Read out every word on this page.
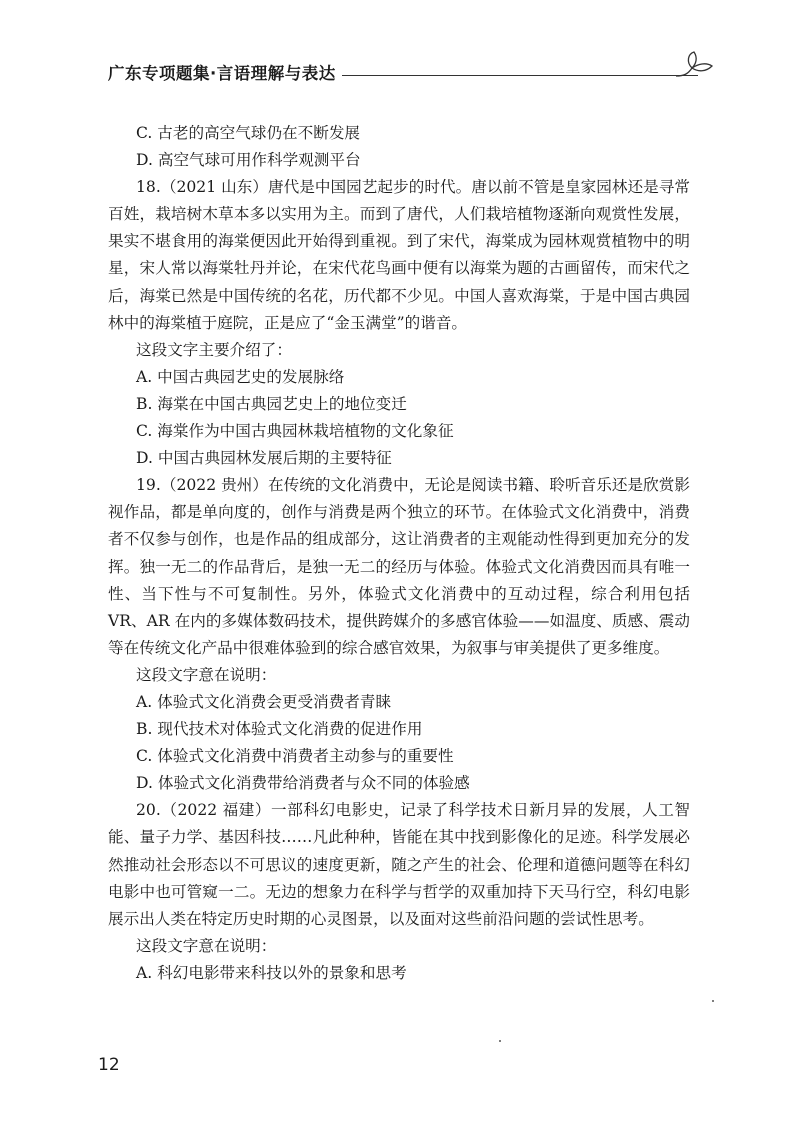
广东专项题集·言语理解与表达
C. 古老的高空气球仍在不断发展
D. 高空气球可用作科学观测平台

18.（2021 山东）唐代是中国园艺起步的时代。唐以前不管是皇家园林还是寻常百姓，栽培树木草本多以实用为主。而到了唐代，人们栽培植物逐渐向观赏性发展，果实不堪食用的海棠便因此开始得到重视。到了宋代，海棠成为园林观赏植物中的明星，宋人常以海棠牡丹并论，在宋代花鸟画中便有以海棠为题的古画留传，而宋代之后，海棠已然是中国传统的名花，历代都不少见。中国人喜欢海棠，于是中国古典园林中的海棠植于庭院，正是应了“金玉满堂”的谐音。

这段文字主要介绍了：
A. 中国古典园艺史的发展脉络
B. 海棠在中国古典园艺史上的地位变迁
C. 海棠作为中国古典园林栽培植物的文化象征
D. 中国古典园林发展后期的主要特征

19.（2022 贵州）在传统的文化消费中，无论是阅读书籍、聆听音乐还是欣赏影视作品，都是单向度的，创作与消费是两个独立的环节。在体验式文化消费中，消费者不仅参与创作，也是作品的组成部分，这让消费者的主观能动性得到更加充分的发挥。独一无二的作品背后，是独一无二的经历与体验。体验式文化消费因而具有唯一性、当下性与不可复制性。另外，体验式文化消费中的互动过程，综合利用包括 VR、AR 在内的多媒体数码技术，提供跨媒介的多感官体验——如温度、质感、震动等在传统文化产品中很难体验到的综合感官效果，为叙事与审美提供了更多维度。

这段文字意在说明：
A. 体验式文化消费会更受消费者青睐
B. 现代技术对体验式文化消费的促进作用
C. 体验式文化消费中消费者主动参与的重要性
D. 体验式文化消费带给消费者与众不同的体验感

20.（2022 福建）一部科幻电影史，记录了科学技术日新月异的发展，人工智能、量子力学、基因科技……凡此种种，皆能在其中找到影像化的足迹。科学发展必然推动社会形态以不可思议的速度更新，随之产生的社会、伦理和道德问题等在科幻电影中也可管窥一二。无边的想象力在科学与哲学的双重加持下天马行空，科幻电影展示出人类在特定历史时期的心灵图景，以及面对这些前沿问题的尝试性思考。

这段文字意在说明：
A. 科幻电影带来科技以外的景象和思考
12
